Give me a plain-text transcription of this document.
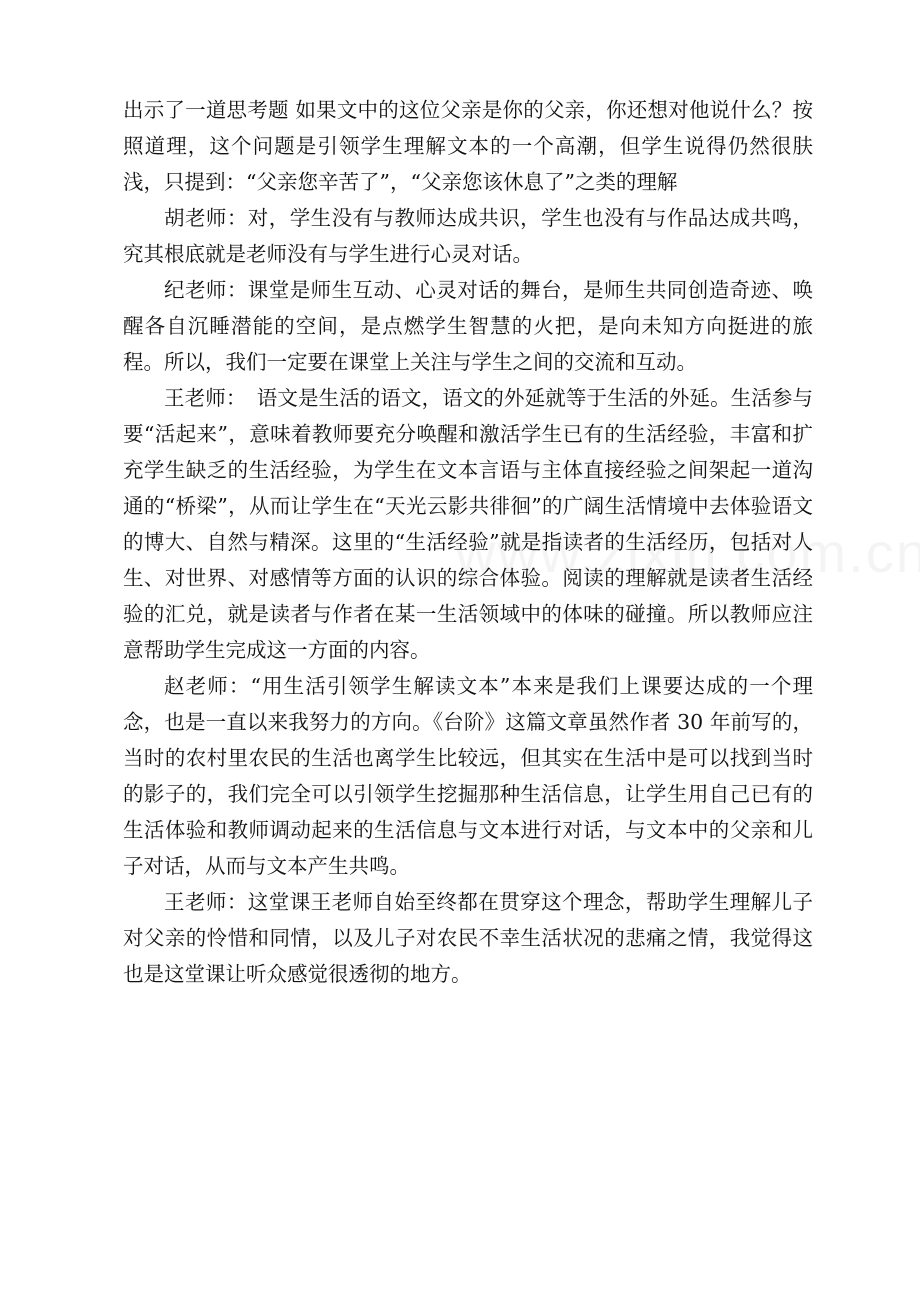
出示了一道思考题 如果文中的这位父亲是你的父亲，你还想对他说什么？按照道理，这个问题是引领学生理解文本的一个高潮，但学生说得仍然很肤浅，只提到：“父亲您辛苦了”，“父亲您该休息了”之类的理解

胡老师：对，学生没有与教师达成共识，学生也没有与作品达成共鸣，究其根底就是老师没有与学生进行心灵对话。

纪老师：课堂是师生互动、心灵对话的舞台，是师生共同创造奇迹、唤醒各自沉睡潜能的空间，是点燃学生智慧的火把，是向未知方向挺进的旅程。所以，我们一定要在课堂上关注与学生之间的交流和互动。

王老师：　语文是生活的语文，语文的外延就等于生活的外延。生活参与要“活起来”，意味着教师要充分唤醒和激活学生已有的生活经验，丰富和扩充学生缺乏的生活经验，为学生在文本言语与主体直接经验之间架起一道沟通的“桥梁”，从而让学生在“天光云影共徘徊”的广阔生活情境中去体验语文的博大、自然与精深。这里的“生活经验”就是指读者的生活经历，包括对人生、对世界、对感情等方面的认识的综合体验。阅读的理解就是读者生活经验的汇兑，就是读者与作者在某一生活领域中的体味的碰撞。所以教师应注意帮助学生完成这一方面的内容。

赵老师：“用生活引领学生解读文本”本来是我们上课要达成的一个理念，也是一直以来我努力的方向。《台阶》这篇文章虽然作者 30 年前写的，当时的农村里农民的生活也离学生比较远，但其实在生活中是可以找到当时的影子的，我们完全可以引领学生挖掘那种生活信息，让学生用自己已有的生活体验和教师调动起来的生活信息与文本进行对话，与文本中的父亲和儿子对话，从而与文本产生共鸣。

王老师：这堂课王老师自始至终都在贯穿这个理念，帮助学生理解儿子对父亲的怜惜和同情，以及儿子对农民不幸生活状况的悲痛之情，我觉得这也是这堂课让听众感觉很透彻的地方。
